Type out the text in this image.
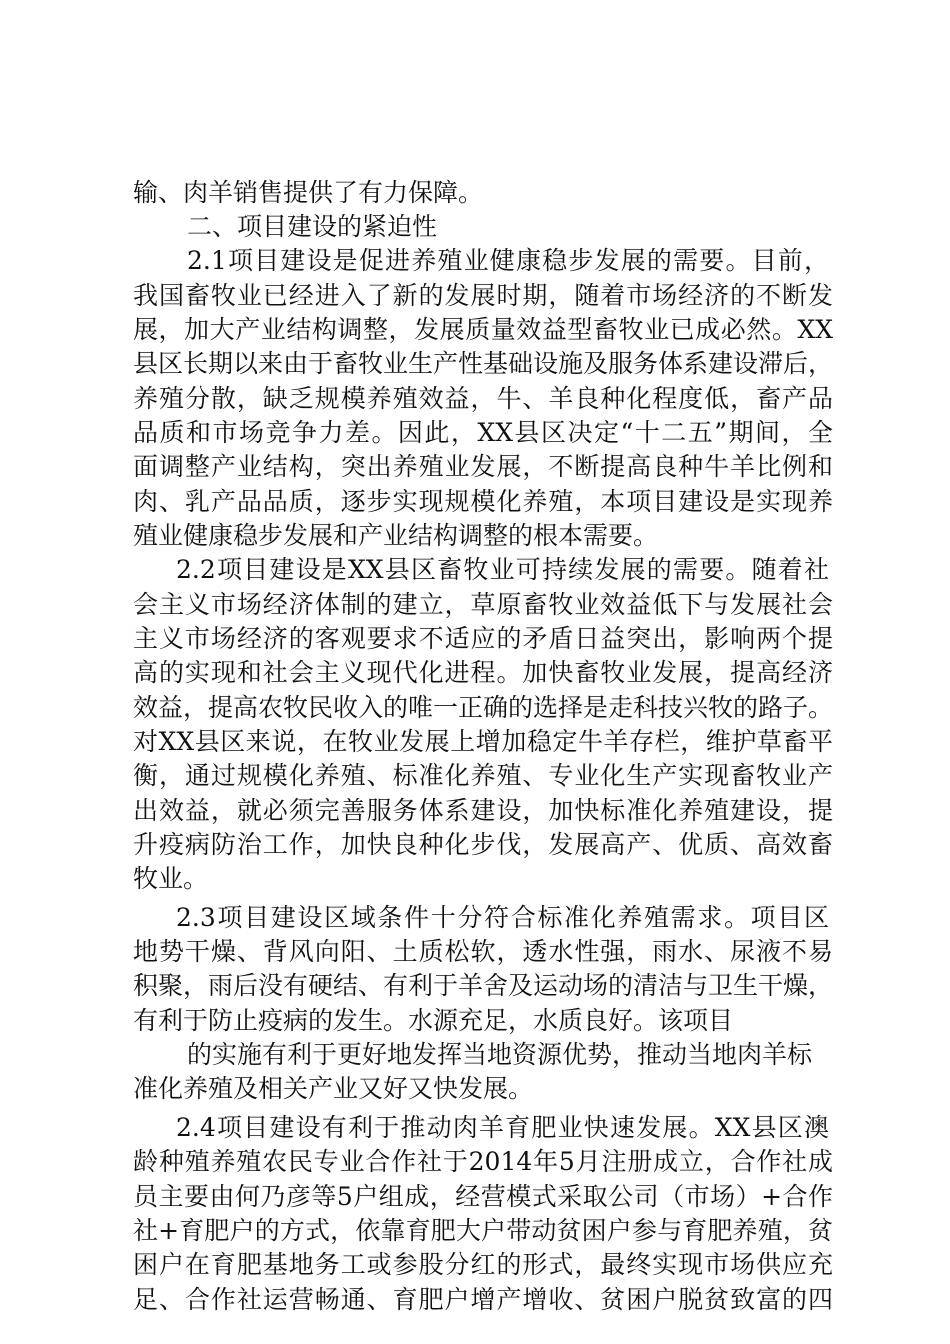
输、肉羊销售提供了有力保障。
二、项目建设的紧迫性
2.1项目建设是促进养殖业健康稳步发展的需要。目前，
我国畜牧业已经进入了新的发展时期，随着市场经济的不断发
展，加大产业结构调整，发展质量效益型畜牧业已成必然。XX
县区长期以来由于畜牧业生产性基础设施及服务体系建设滞后，
养殖分散，缺乏规模养殖效益，牛、羊良种化程度低，畜产品
品质和市场竞争力差。因此，XX县区决定“十二五”期间，全
面调整产业结构，突出养殖业发展，不断提高良种牛羊比例和
肉、乳产品品质，逐步实现规模化养殖，本项目建设是实现养
殖业健康稳步发展和产业结构调整的根本需要。
2.2项目建设是XX县区畜牧业可持续发展的需要。随着社
会主义市场经济体制的建立，草原畜牧业效益低下与发展社会
主义市场经济的客观要求不适应的矛盾日益突出，影响两个提
高的实现和社会主义现代化进程。加快畜牧业发展，提高经济
效益，提高农牧民收入的唯一正确的选择是走科技兴牧的路子。
对XX县区来说，在牧业发展上增加稳定牛羊存栏，维护草畜平
衡，通过规模化养殖、标准化养殖、专业化生产实现畜牧业产
出效益，就必须完善服务体系建设，加快标准化养殖建设，提
升疫病防治工作，加快良种化步伐，发展高产、优质、高效畜
牧业。
2.3项目建设区域条件十分符合标准化养殖需求。项目区
地势干燥、背风向阳、土质松软，透水性强，雨水、尿液不易
积聚，雨后没有硬结、有利于羊舍及运动场的清洁与卫生干燥，
有利于防止疫病的发生。水源充足，水质良好。该项目
的实施有利于更好地发挥当地资源优势，推动当地肉羊标
准化养殖及相关产业又好又快发展。
2.4项目建设有利于推动肉羊育肥业快速发展。XX县区澳
龄种殖养殖农民专业合作社于2014年5月注册成立，合作社成
员主要由何乃彦等5户组成，经营模式采取公司（市场）+合作
社+育肥户的方式，依靠育肥大户带动贫困户参与育肥养殖，贫
困户在育肥基地务工或参股分红的形式，最终实现市场供应充
足、合作社运营畅通、育肥户增产增收、贫困户脱贫致富的四
